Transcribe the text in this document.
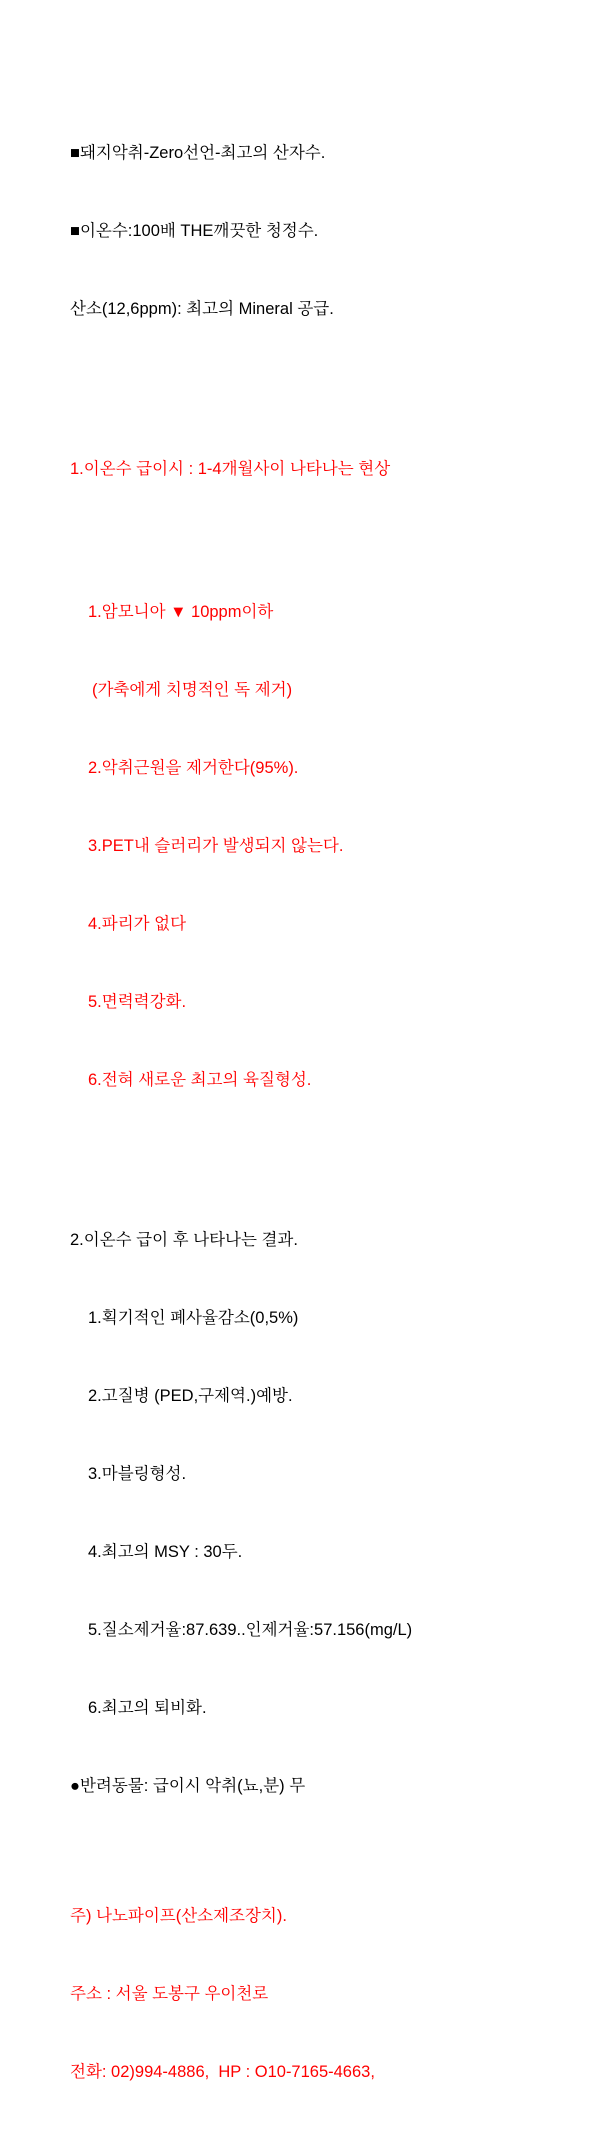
■돼지악취-Zero선언-최고의 산자수.

■이온수:100배 THE깨끗한 청정수.

산소(12,6ppm): 최고의 Mineral 공급.

1.이온수 급이시 : 1-4개월사이 나타나는 현상

1.암모니아 ▼ 10ppm이하

(가축에게 치명적인 독 제거)

2.악취근원을 제거한다(95%).

3.PET내 슬러리가 발생되지 않는다.

4.파리가 없다

5.면력력강화.

6.전혀 새로운 최고의 육질형성.

2.이온수 급이 후 나타나는 결과.

1.획기적인 폐사율감소(0,5%)

2.고질병 (PED,구제역.)예방.

3.마블링형성.

4.최고의 MSY : 30두.

5.질소제거율:87.639..인제거율:57.156(mg/L)

6.최고의 퇴비화.

●반려동물: 급이시 악취(뇨,분) 무

주) 나노파이프(산소제조장치).

주소 : 서울 도봉구 우이천로

전화: 02)994-4886,  HP : O10-7165-4663,
